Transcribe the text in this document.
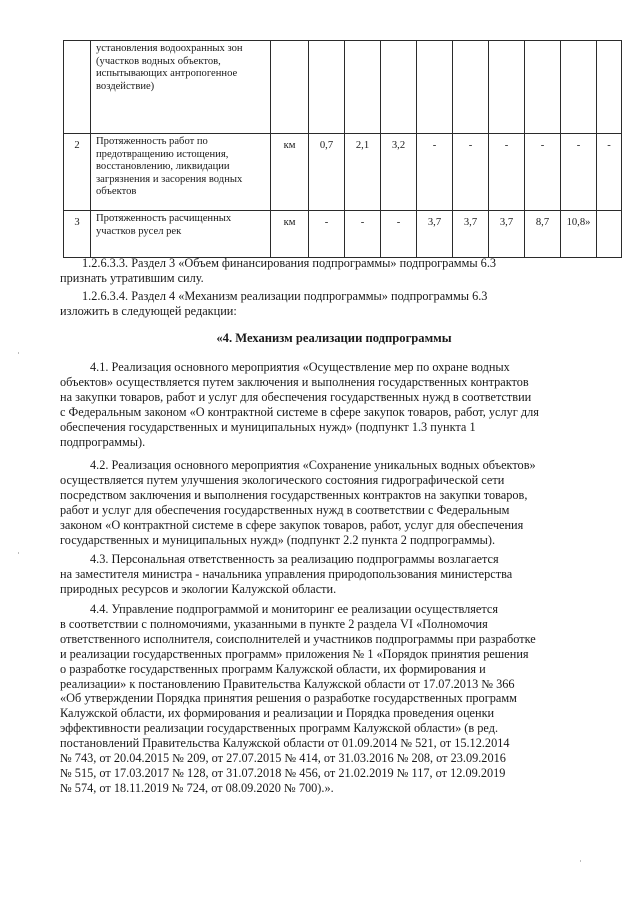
	установления водоохранных зон (участков водных объектов, испытывающих антропогенное воздействие)										
2	Протяженность работ по предотвращению истощения, восстановлению, ликвидации загрязнения и засорения водных объектов	км	0,7	2,1	3,2	-	-	-	-	-	-
3	Протяженность расчищенных участков русел рек	км	-	-	-	3,7	3,7	3,7	8,7	10,8»	
1.2.6.3.3. Раздел 3 «Объем финансирования подпрограммы» подпрограммы 6.3
признать утратившим силу.
1.2.6.3.4. Раздел 4 «Механизм реализации подпрограммы» подпрограммы 6.3
изложить в следующей редакции:
«4. Механизм реализации подпрограммы
4.1. Реализация основного мероприятия «Осуществление мер по охране водных
объектов» осуществляется путем заключения и выполнения государственных контрактов
на закупки товаров, работ и услуг для обеспечения государственных нужд в соответствии
с Федеральным законом «О контрактной системе в сфере закупок товаров, работ, услуг для
обеспечения государственных и муниципальных нужд» (подпункт 1.3 пункта 1
подпрограммы).
4.2. Реализация основного мероприятия «Сохранение уникальных водных объектов»
осуществляется путем улучшения экологического состояния гидрографической сети
посредством заключения и выполнения государственных контрактов на закупки товаров,
работ и услуг для обеспечения государственных нужд в соответствии с Федеральным
законом «О контрактной системе в сфере закупок товаров, работ, услуг для обеспечения
государственных и муниципальных нужд» (подпункт 2.2 пункта 2 подпрограммы).
4.3. Персональная ответственность за реализацию подпрограммы возлагается
на заместителя министра - начальника управления природопользования министерства
природных ресурсов и экологии Калужской области.
4.4. Управление подпрограммой и мониторинг ее реализации осуществляется
в соответствии с полномочиями, указанными в пункте 2 раздела VI «Полномочия
ответственного исполнителя, соисполнителей и участников подпрограммы при разработке
и реализации государственных программ» приложения № 1 «Порядок принятия решения
о разработке государственных программ Калужской области, их формирования и
реализации» к постановлению Правительства Калужской области от 17.07.2013 № 366
«Об утверждении Порядка принятия решения о разработке государственных программ
Калужской области, их формирования и реализации и Порядка проведения оценки
эффективности реализации государственных программ Калужской области» (в ред.
постановлений Правительства Калужской области от 01.09.2014 № 521, от 15.12.2014
№ 743, от 20.04.2015 № 209, от 27.07.2015 № 414, от 31.03.2016 № 208, от 23.09.2016
№ 515, от 17.03.2017 № 128, от 31.07.2018 № 456, от 21.02.2019 № 117, от 12.09.2019
№ 574, от 18.11.2019 № 724, от 08.09.2020 № 700).».
